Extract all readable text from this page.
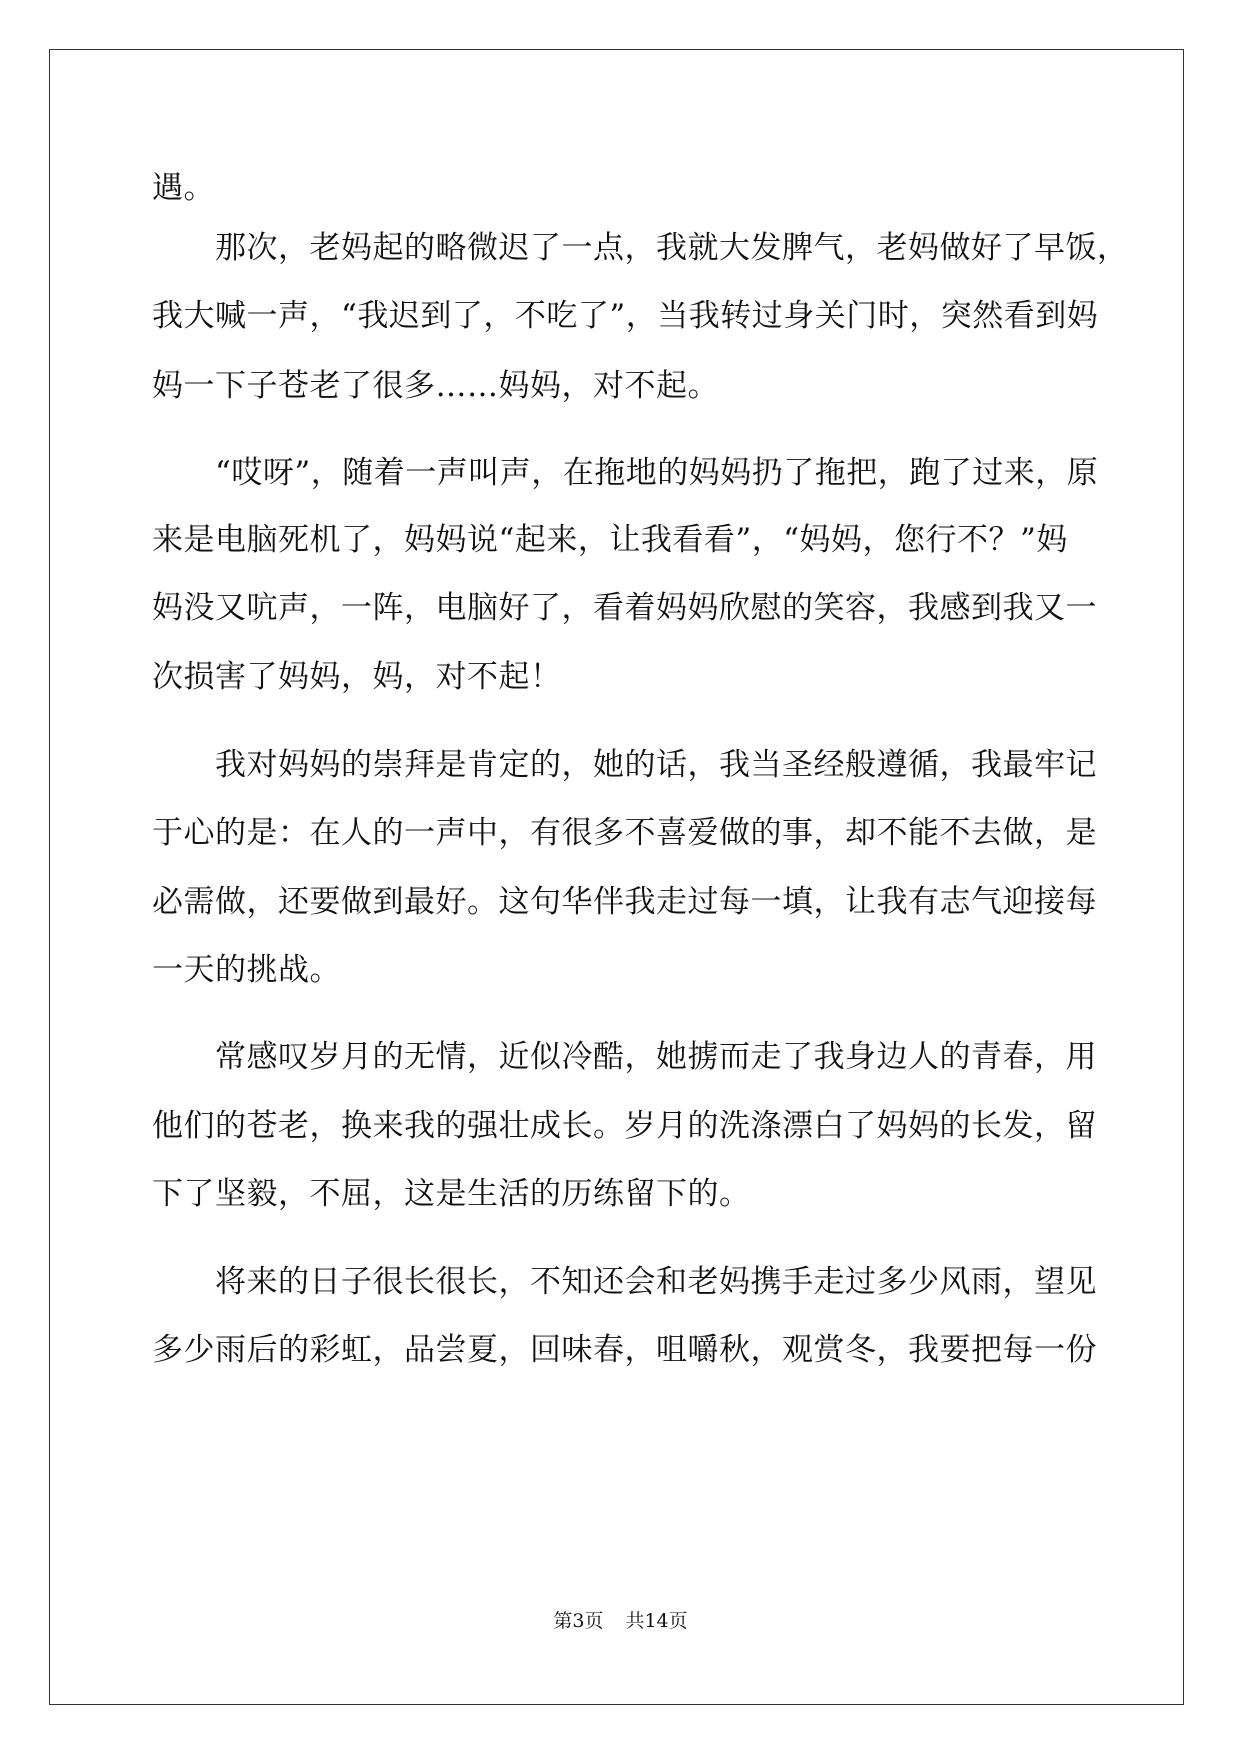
遇。
　　那次，老妈起的略微迟了一点，我就大发脾气，老妈做好了早饭，
我大喊一声，“我迟到了，不吃了”，当我转过身关门时，突然看到妈
妈一下子苍老了很多……妈妈，对不起。
　　“哎呀”，随着一声叫声，在拖地的妈妈扔了拖把，跑了过来，原
来是电脑死机了，妈妈说“起来，让我看看”，“妈妈，您行不？”妈
妈没又吭声，一阵，电脑好了，看着妈妈欣慰的笑容，我感到我又一
次损害了妈妈，妈，对不起！
　　我对妈妈的崇拜是肯定的，她的话，我当圣经般遵循，我最牢记
于心的是：在人的一声中，有很多不喜爱做的事，却不能不去做，是
必需做，还要做到最好。这句华伴我走过每一填，让我有志气迎接每
一天的挑战。
　　常感叹岁月的无情，近似冷酷，她掳而走了我身边人的青春，用
他们的苍老，换来我的强壮成长。岁月的洗涤漂白了妈妈的长发，留
下了坚毅，不屈，这是生活的历练留下的。
　　将来的日子很长很长，不知还会和老妈携手走过多少风雨，望见
多少雨后的彩虹，品尝夏，回味春，咀嚼秋，观赏冬，我要把每一份
第3页 共14页
